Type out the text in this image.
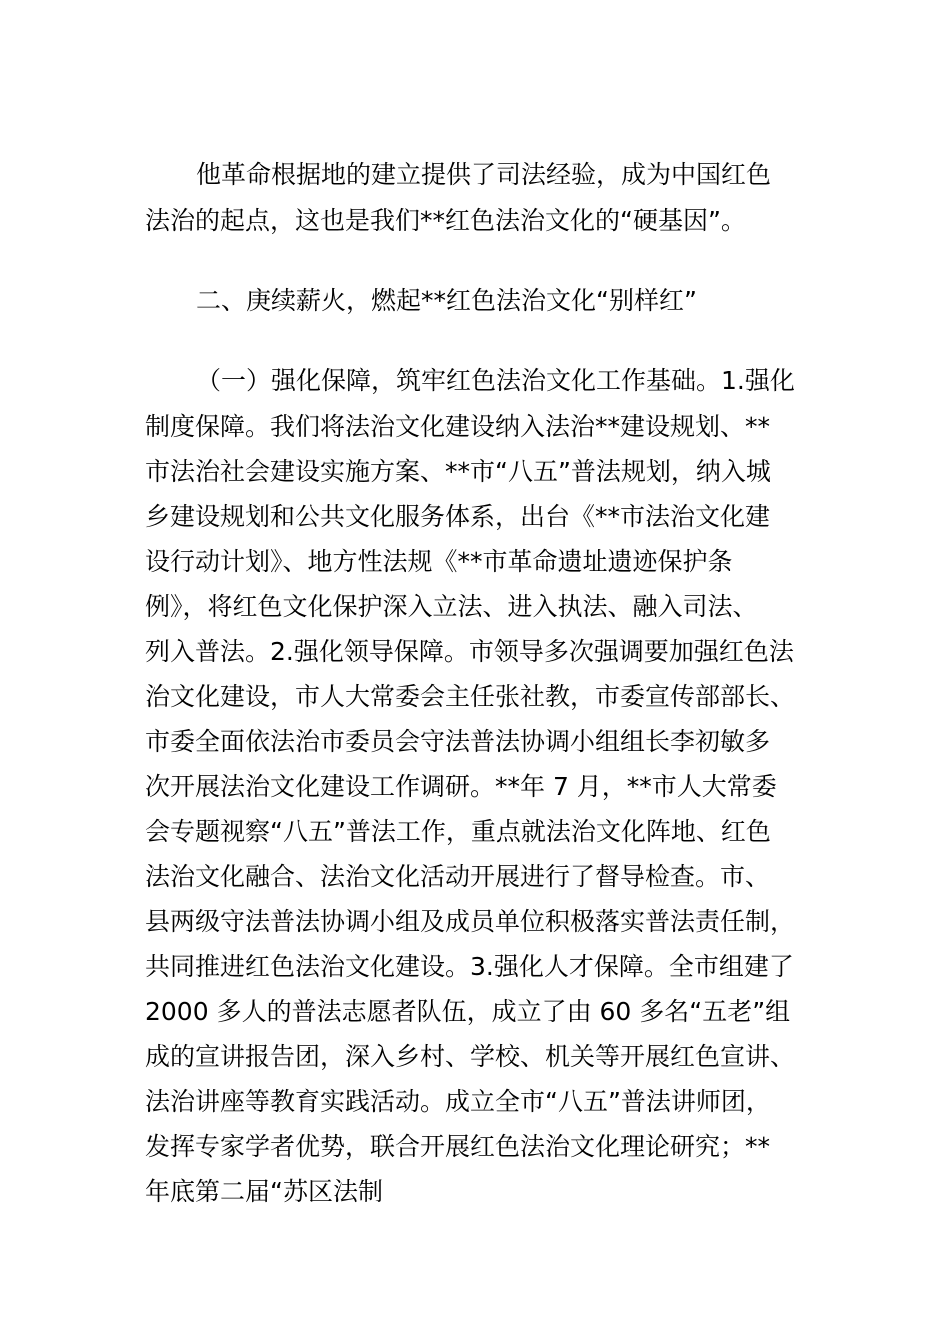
他革命根据地的建立提供了司法经验，成为中国红色
法治的起点，这也是我们**红色法治文化的“硬基因”。
二、庚续薪火，燃起**红色法治文化“别样红”
（一）强化保障，筑牢红色法治文化工作基础。1.强化
制度保障。我们将法治文化建设纳入法治**建设规划、**
市法治社会建设实施方案、**市“八五”普法规划，纳入城
乡建设规划和公共文化服务体系，出台《**市法治文化建
设行动计划》、地方性法规《**市革命遗址遗迹保护条
例》，将红色文化保护深入立法、进入执法、融入司法、
列入普法。2.强化领导保障。市领导多次强调要加强红色法
治文化建设，市人大常委会主任张社教，市委宣传部部长、
市委全面依法治市委员会守法普法协调小组组长李初敏多
次开展法治文化建设工作调研。**年 7 月，**市人大常委
会专题视察“八五”普法工作，重点就法治文化阵地、红色
法治文化融合、法治文化活动开展进行了督导检查。市、
县两级守法普法协调小组及成员单位积极落实普法责任制，
共同推进红色法治文化建设。3.强化人才保障。全市组建了
2000 多人的普法志愿者队伍，成立了由 60 多名“五老”组
成的宣讲报告团，深入乡村、学校、机关等开展红色宣讲、
法治讲座等教育实践活动。成立全市“八五”普法讲师团，
发挥专家学者优势，联合开展红色法治文化理论研究；**
年底第二届“苏区法制
